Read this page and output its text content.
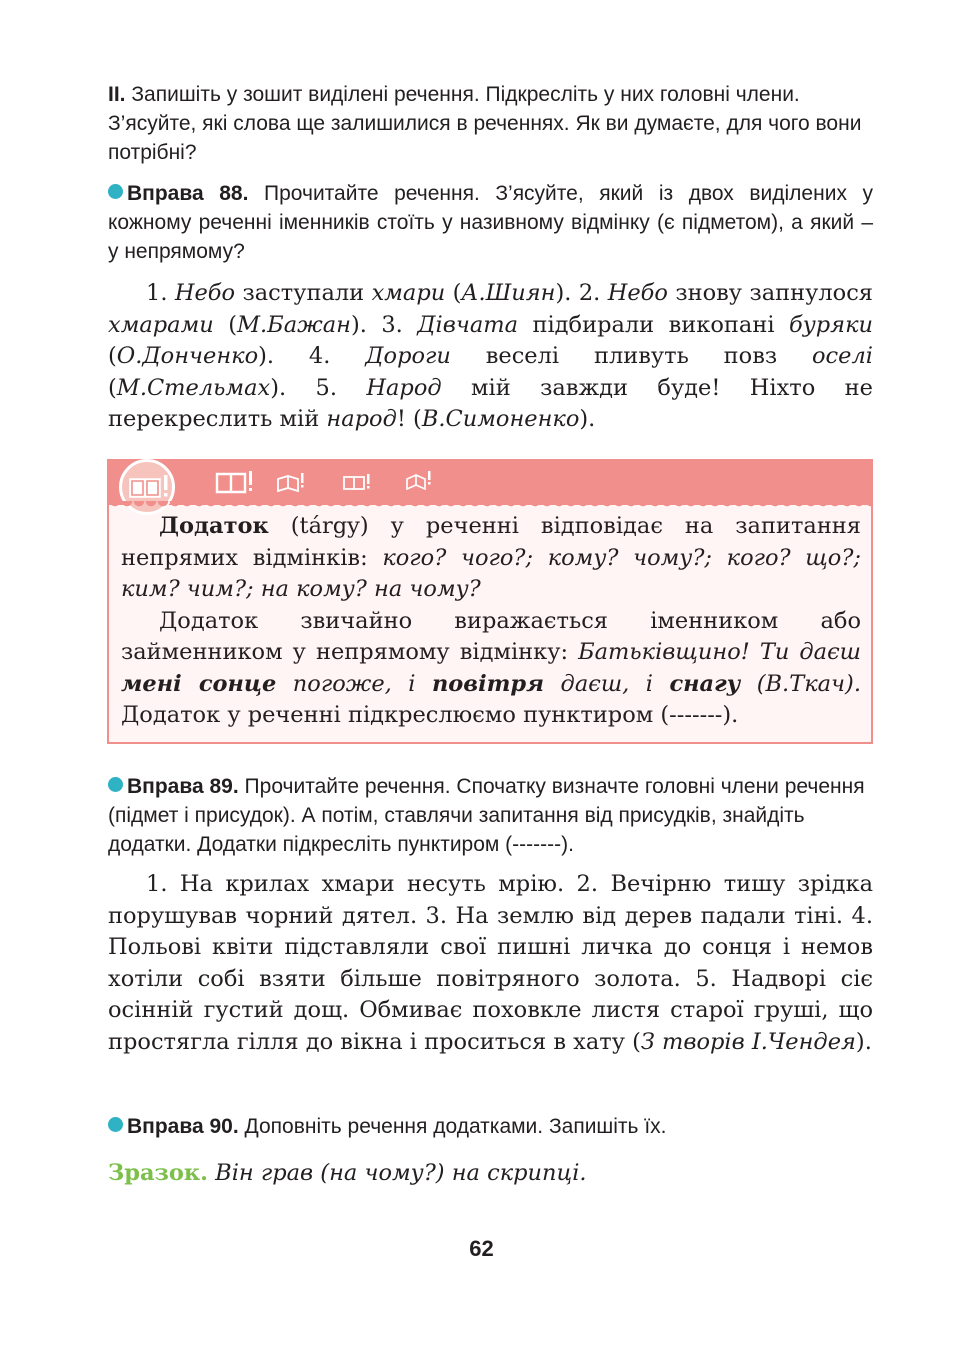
II. Запишіть у зошит виділені речення. Підкресліть у них головні члени. З’ясуйте, які слова ще залишилися в реченнях. Як ви думаєте, для чого вони потрібні?

Вправа 88. Прочитайте речення. З’ясуйте, який із двох виділених у кожному реченні іменників стоїть у називному відмінку (є підметом), а який – у непрямому?

1. Небо заступали хмари (А.Шиян). 2. Небо знову запнулося хмарами (М.Бажан). 3. Дівчата підбирали викопані буряки (О.Донченко). 4. Дороги веселі пливуть повз оселі (М.Стельмах). 5. Народ мій завжди буде! Ніхто не перекреслить мій народ! (В.Симоненко).

Додаток (tárgy) у реченні відповідає на запитання непрямих відмінків: кого? чого?; кому? чому?; кого? що?; ким? чим?; на кому? на чому?

Додаток звичайно виражається іменником або займенником у непрямому відмінку: Батьківщино! Ти даєш мені сонце погоже, і повітря даєш, і снагу (В.Ткач). Додаток у реченні підкреслюємо пунктиром (-------).

Вправа 89. Прочитайте речення. Спочатку визначте головні члени речення (підмет і присудок). А потім, ставлячи запитання від присудків, знайдіть додатки. Додатки підкресліть пунктиром (-------).

1. На крилах хмари несуть мрію. 2. Вечірню тишу зрідка порушував чорний дятел. 3. На землю від дерев падали тіні. 4. Польові квіти підставляли свої пишні личка до сонця і немов хотіли собі взяти більше повітряного золота. 5. Надворі сіє осінній густий дощ. Обмиває поховкле листя старої груші, що простягла гілля до вікна і проситься в хату (З творів І.Чендея).

Вправа 90. Доповніть речення додатками. Запишіть їх.

Зразок. Він грав (на чому?) на скрипці.

62
